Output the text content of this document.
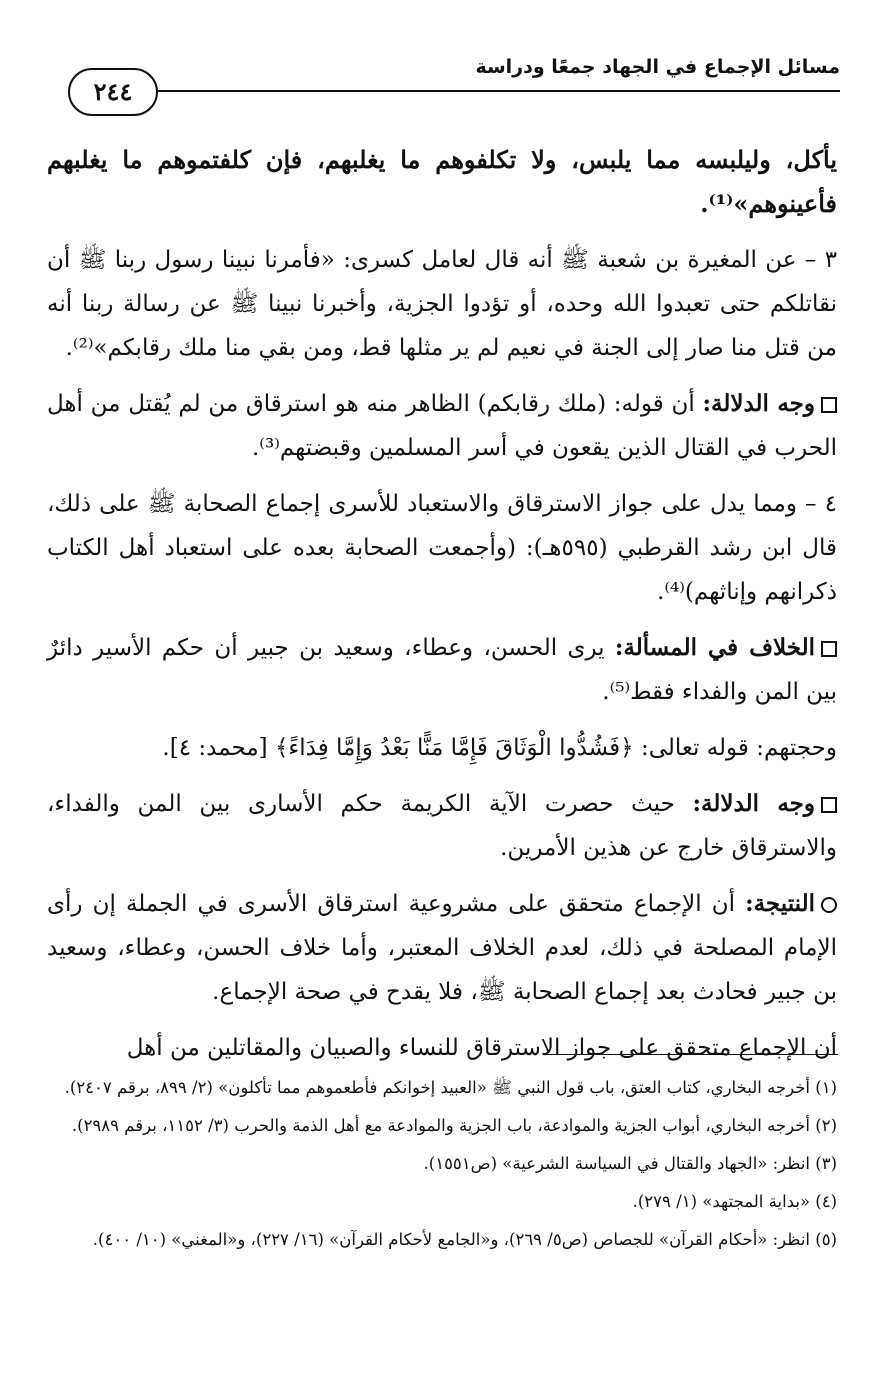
مسائل الإجماع في الجهاد جمعًا ودراسة
٢٤٤

يأكل، وليلبسه مما يلبس، ولا تكلفوهم ما يغلبهم، فإن كلفتموهم ما يغلبهم فأعينوهم»⁽¹⁾.

٣ – عن المغيرة بن شعبة ﷺ أنه قال لعامل كسرى: «فأمرنا نبينا رسول ربنا ﷺ أن نقاتلكم حتى تعبدوا الله وحده، أو تؤدوا الجزية، وأخبرنا نبينا ﷺ عن رسالة ربنا أنه من قتل منا صار إلى الجنة في نعيم لم ير مثلها قط، ومن بقي منا ملك رقابكم»⁽²⁾.

وجه الدلالة: أن قوله: (ملك رقابكم) الظاهر منه هو استرقاق من لم يُقتل من أهل الحرب في القتال الذين يقعون في أسر المسلمين وقبضتهم⁽³⁾.

٤ – ومما يدل على جواز الاسترقاق والاستعباد للأسرى إجماع الصحابة ﷺ على ذلك، قال ابن رشد القرطبي (٥٩٥هـ): (وأجمعت الصحابة بعده على استعباد أهل الكتاب ذكرانهم وإناثهم)⁽⁴⁾.

الخلاف في المسألة: يرى الحسن، وعطاء، وسعيد بن جبير أن حكم الأسير دائرٌ بين المن والفداء فقط⁽⁵⁾.

وحجتهم: قوله تعالى: ﴿فَشُدُّوا الْوَثَاقَ فَإِمَّا مَنًّا بَعْدُ وَإِمَّا فِدَاءً﴾ [محمد: ٤].

وجه الدلالة: حيث حصرت الآية الكريمة حكم الأسارى بين المن والفداء، والاسترقاق خارج عن هذين الأمرين.

النتيجة: أن الإجماع متحقق على مشروعية استرقاق الأسرى في الجملة إن رأى الإمام المصلحة في ذلك، لعدم الخلاف المعتبر، وأما خلاف الحسن، وعطاء، وسعيد بن جبير فحادث بعد إجماع الصحابة ﷺ، فلا يقدح في صحة الإجماع.

أن الإجماع متحقق على جواز الاسترقاق للنساء والصبيان والمقاتلين من أهل

(١) أخرجه البخاري، كتاب العتق، باب قول النبي ﷺ «العبيد إخوانكم فأطعموهم مما تأكلون» (٢/ ٨٩٩، برقم ٢٤٠٧).

(٢) أخرجه البخاري، أبواب الجزية والموادعة، باب الجزية والموادعة مع أهل الذمة والحرب (٣/ ١١٥٢، برقم ٢٩٨٩).

(٣) انظر: «الجهاد والقتال في السياسة الشرعية» (ص١٥٥١).

(٤) «بداية المجتهد» (١/ ٢٧٩).

(٥) انظر: «أحكام القرآن» للجصاص (ص٥/ ٢٦٩)، و«الجامع لأحكام القرآن» (١٦/ ٢٢٧)، و«المغني» (١٠/ ٤٠٠).
